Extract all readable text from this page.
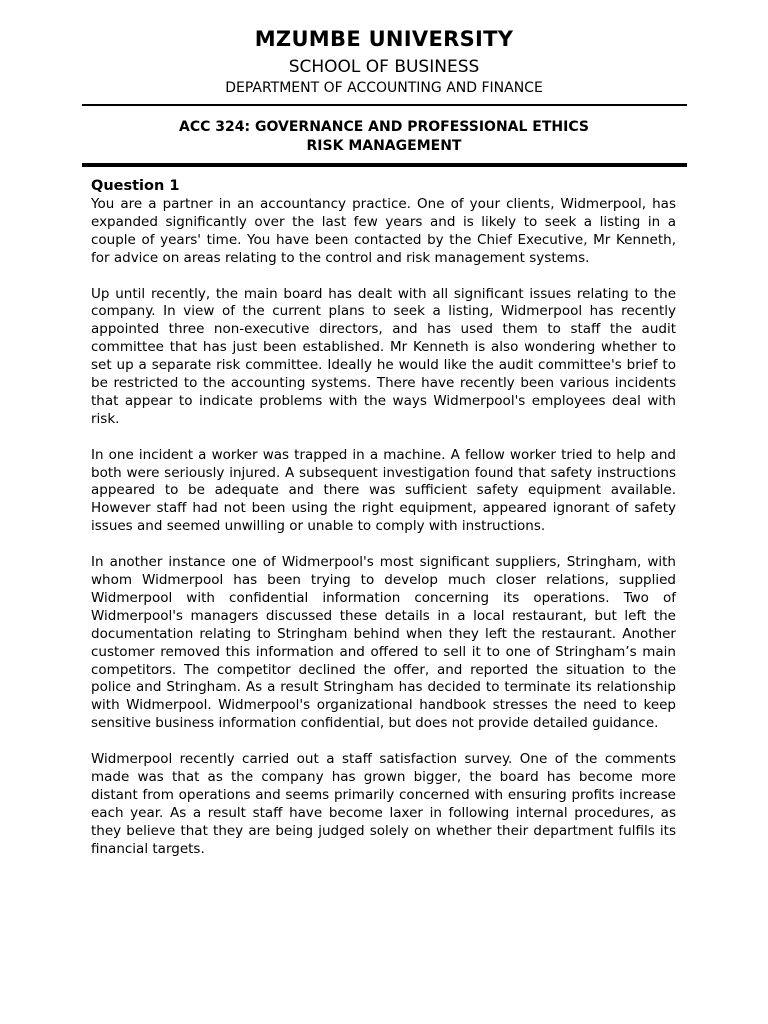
MZUMBE UNIVERSITY
SCHOOL OF BUSINESS
DEPARTMENT OF ACCOUNTING AND FINANCE
ACC 324: GOVERNANCE AND PROFESSIONAL ETHICS
RISK MANAGEMENT

Question 1

You are a partner in an accountancy practice. One of your clients, Widmerpool, has expanded significantly over the last few years and is likely to seek a listing in a couple of years' time. You have been contacted by the Chief Executive, Mr Kenneth, for advice on areas relating to the control and risk management systems.

Up until recently, the main board has dealt with all significant issues relating to the company. In view of the current plans to seek a listing, Widmerpool has recently appointed three non-executive directors, and has used them to staff the audit committee that has just been established. Mr Kenneth is also wondering whether to set up a separate risk committee. Ideally he would like the audit committee's brief to be restricted to the accounting systems. There have recently been various incidents that appear to indicate problems with the ways Widmerpool's employees deal with risk.

In one incident a worker was trapped in a machine. A fellow worker tried to help and both were seriously injured. A subsequent investigation found that safety instructions appeared to be adequate and there was sufficient safety equipment available. However staff had not been using the right equipment, appeared ignorant of safety issues and seemed unwilling or unable to comply with instructions.

In another instance one of Widmerpool's most significant suppliers, Stringham, with whom Widmerpool has been trying to develop much closer relations, supplied Widmerpool with confidential information concerning its operations. Two of Widmerpool's managers discussed these details in a local restaurant, but left the documentation relating to Stringham behind when they left the restaurant. Another customer removed this information and offered to sell it to one of Stringham’s main competitors. The competitor declined the offer, and reported the situation to the police and Stringham. As a result Stringham has decided to terminate its relationship with Widmerpool. Widmerpool's organizational handbook stresses the need to keep sensitive business information confidential, but does not provide detailed guidance.

Widmerpool recently carried out a staff satisfaction survey. One of the comments made was that as the company has grown bigger, the board has become more distant from operations and seems primarily concerned with ensuring profits increase each year. As a result staff have become laxer in following internal procedures, as they believe that they are being judged solely on whether their department fulfils its financial targets.
